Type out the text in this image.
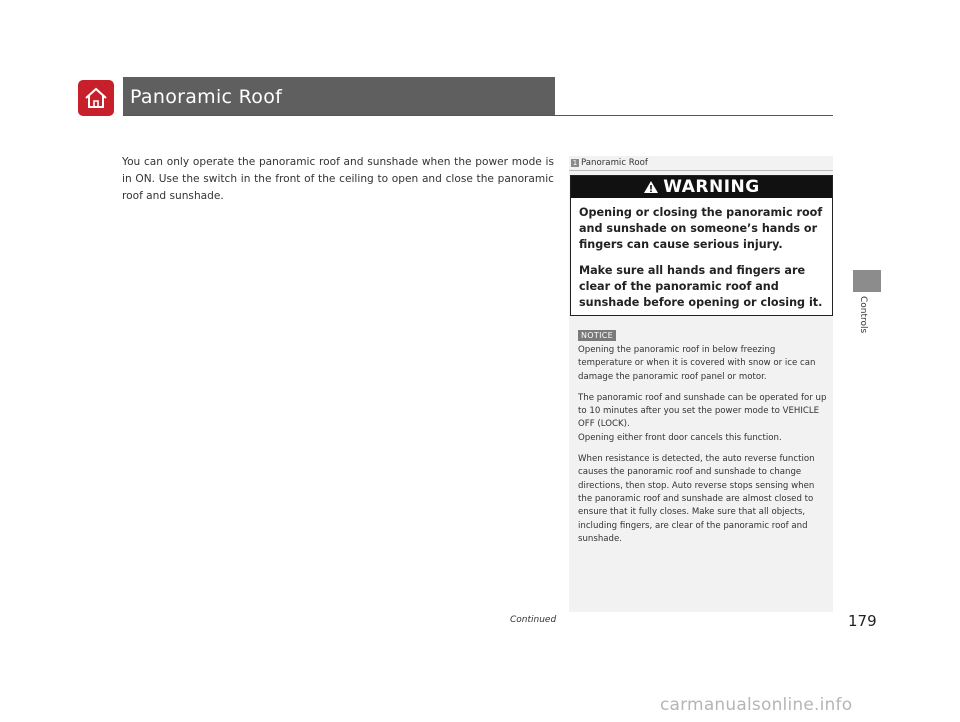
Panoramic Roof
You can only operate the panoramic roof and sunshade when the power mode is in ON. Use the switch in the front of the ceiling to open and close the panoramic roof and sunshade.
1 Panoramic Roof
WARNING

Opening or closing the panoramic roof and sunshade on someone’s hands or fingers can cause serious injury.

Make sure all hands and fingers are clear of the panoramic roof and sunshade before opening or closing it.

NOTICE

Opening the panoramic roof in below freezing temperature or when it is covered with snow or ice can damage the panoramic roof panel or motor.

The panoramic roof and sunshade can be operated for up to 10 minutes after you set the power mode to VEHICLE OFF (LOCK).

Opening either front door cancels this function.

When resistance is detected, the auto reverse function causes the panoramic roof and sunshade to change directions, then stop. Auto reverse stops sensing when the panoramic roof and sunshade are almost closed to ensure that it fully closes. Make sure that all objects, including fingers, are clear of the panoramic roof and sunshade.

Continued	179
Controls
carmanualsonline.info
